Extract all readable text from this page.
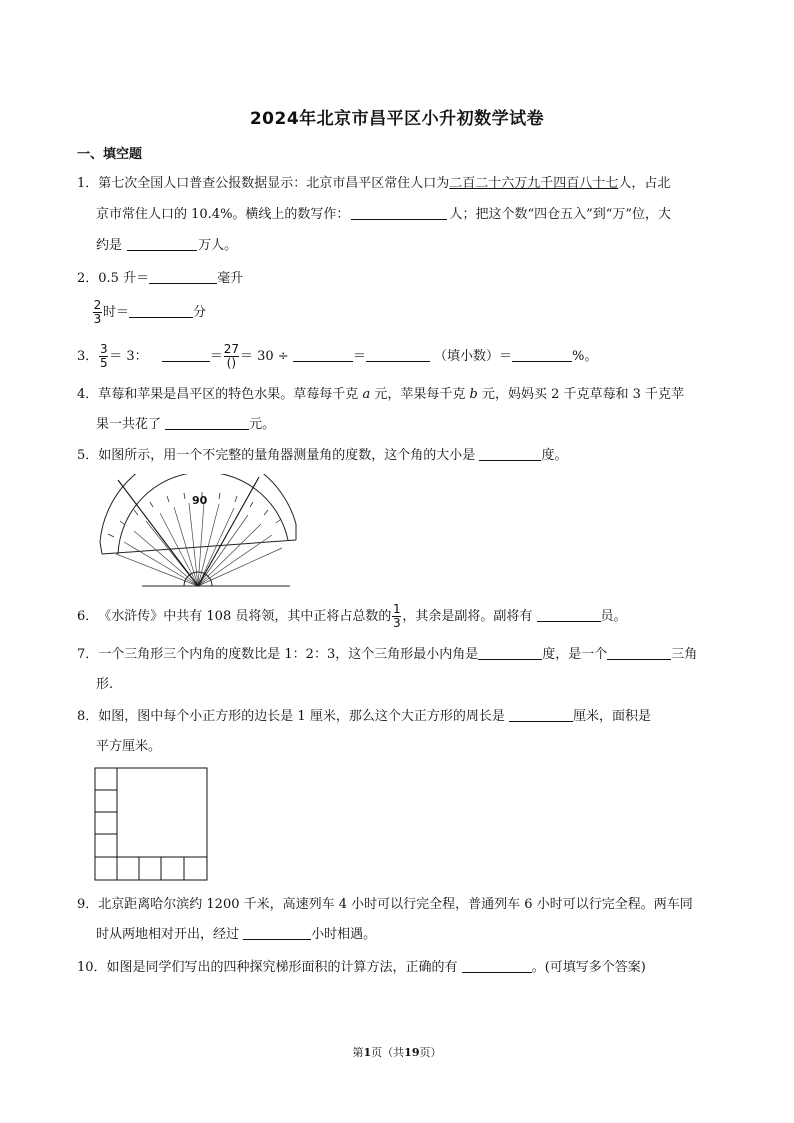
2024年北京市昌平区小升初数学试卷
一、填空题
1．第七次全国人口普查公报数据显示：北京市昌平区常住人口为二百二十六万九千四百八十七人，占北
京市常住人口的 10.4%。横线上的数写作：	人；把这个数“四仓五入”到“万”位，大
约是	万人。
2．0.5 升＝	毫升
$\frac{2}{3}$ 时＝	分
3． $\frac{3}{5} = 3$：	＝ $\frac{27}{()} = 30$ ÷	＝	（填小数）＝	%。
4．草莓和苹果是昌平区的特色水果。草莓每千克 a 元，苹果每千克 b 元，妈妈买 2 千克草莓和 3 千克苹
果一共花了	元。
5．如图所示，用一个不完整的量角器测量角的度数，这个角的大小是	度。
90
6．《水浒传》中共有 108 员将领，其中正将占总数的 $\frac{1}{3}$ ，其余是副将。副将有	员。
7．一个三角形三个内角的度数比是 1：2：3，这个三角形最小内角是	度，是一个	三角
形.
8．如图，图中每个小正方形的边长是 1 厘米，那么这个大正方形的周长是	厘米，面积是
平方厘米。
9．北京距离哈尔滨约 1200 千米，高速列车 4 小时可以行完全程，普通列车 6 小时可以行完全程。两车同
时从两地相对开出，经过	小时相遇。
10．如图是同学们写出的四种探究梯形面积的计算方法，正确的有	。(可填写多个答案)
第1页（共19页）
